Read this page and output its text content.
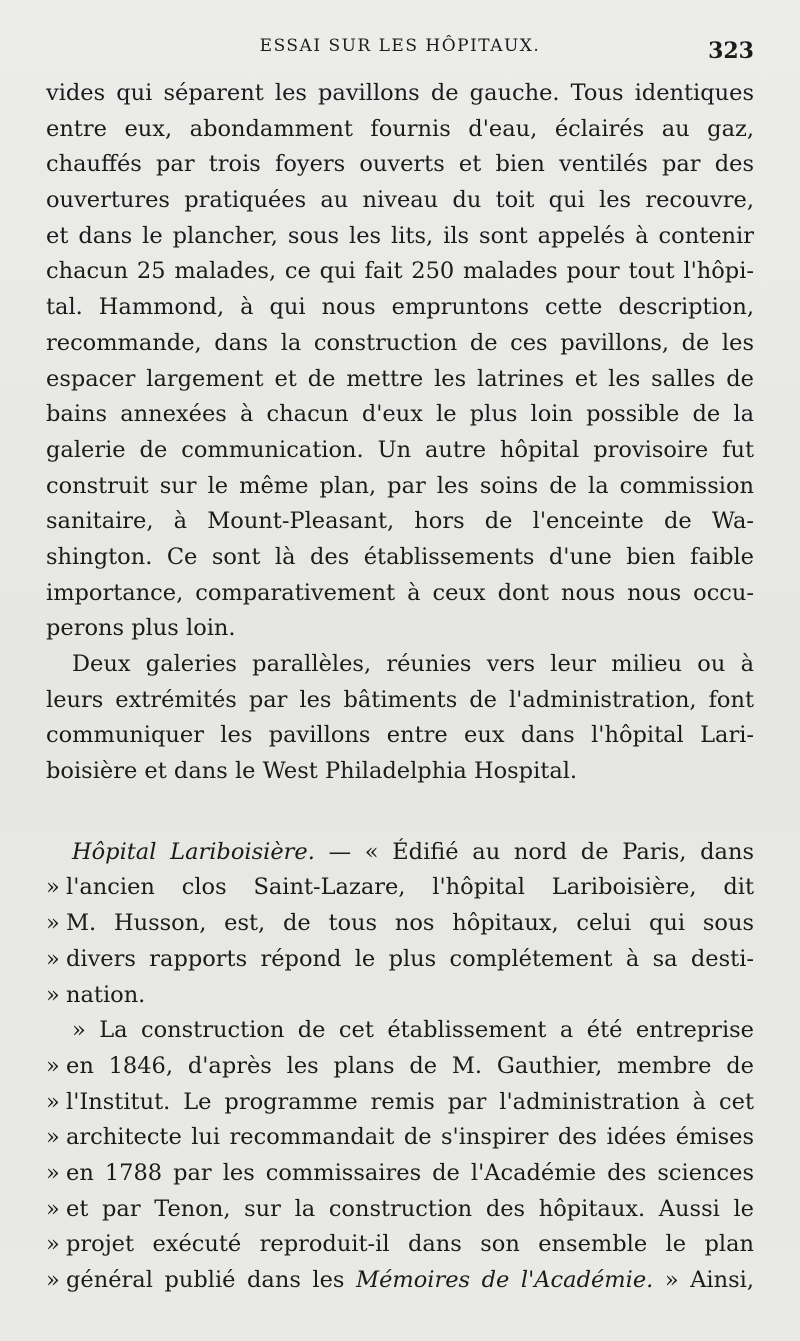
ESSAI SUR LES HÔPITAUX.	323
vides qui séparent les pavillons de gauche. Tous identiques
entre eux, abondamment fournis d'eau, éclairés au gaz,
chauffés par trois foyers ouverts et bien ventilés par des
ouvertures pratiquées au niveau du toit qui les recouvre,
et dans le plancher, sous les lits, ils sont appelés à contenir
chacun 25 malades, ce qui fait 250 malades pour tout l'hôpi-
tal. Hammond, à qui nous empruntons cette description,
recommande, dans la construction de ces pavillons, de les
espacer largement et de mettre les latrines et les salles de
bains annexées à chacun d'eux le plus loin possible de la
galerie de communication. Un autre hôpital provisoire fut
construit sur le même plan, par les soins de la commission
sanitaire, à Mount-Pleasant, hors de l'enceinte de Wa-
shington. Ce sont là des établissements d'une bien faible
importance, comparativement à ceux dont nous nous occu-
perons plus loin.
Deux galeries parallèles, réunies vers leur milieu ou à
leurs extrémités par les bâtiments de l'administration, font
communiquer les pavillons entre eux dans l'hôpital Lari-
boisière et dans le West Philadelphia Hospital.
Hôpital Lariboisière. — « Édifié au nord de Paris, dans
» l'ancien clos Saint-Lazare, l'hôpital Lariboisière, dit
» M. Husson, est, de tous nos hôpitaux, celui qui sous
» divers rapports répond le plus complétement à sa desti-
» nation.
» La construction de cet établissement a été entreprise
» en 1846, d'après les plans de M. Gauthier, membre de
» l'Institut. Le programme remis par l'administration à cet
» architecte lui recommandait de s'inspirer des idées émises
» en 1788 par les commissaires de l'Académie des sciences
» et par Tenon, sur la construction des hôpitaux. Aussi le
» projet exécuté reproduit-il dans son ensemble le plan
» général publié dans les Mémoires de l'Académie. » Ainsi,
